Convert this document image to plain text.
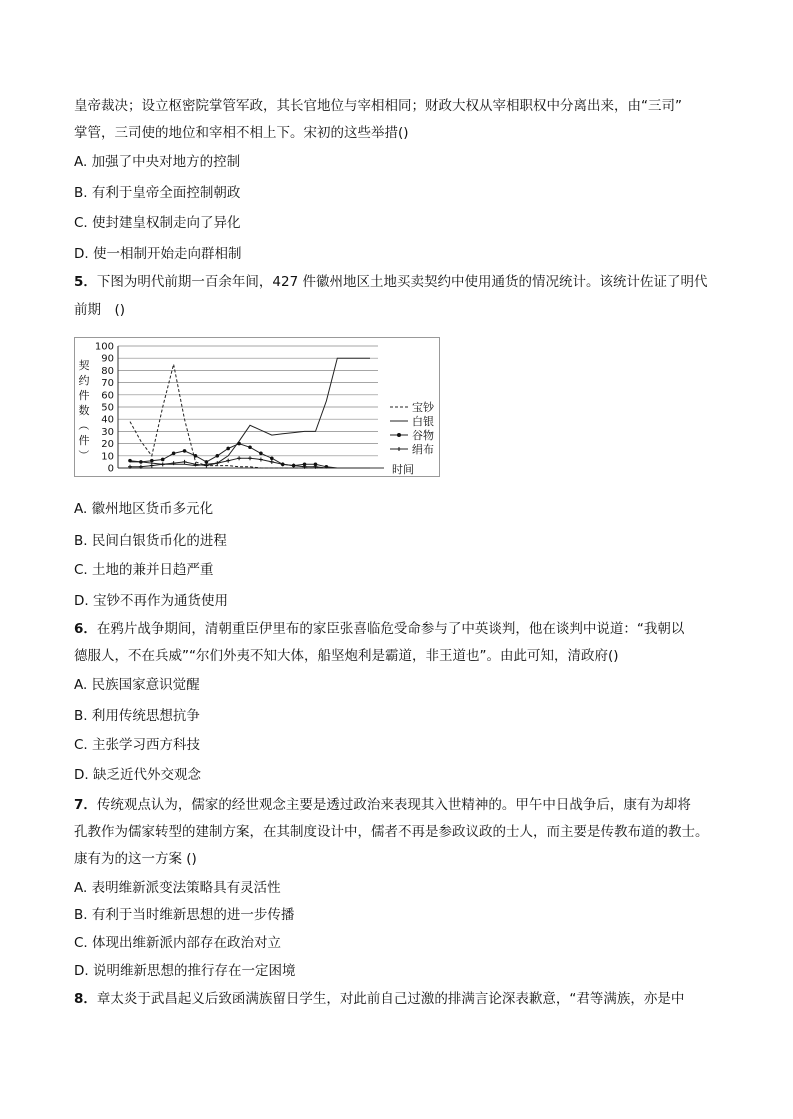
皇帝裁决；设立枢密院掌管军政，其长官地位与宰相相同；财政大权从宰相职权中分离出来，由“三司”
掌管，三司使的地位和宰相不相上下。宋初的这些举措()
A. 加强了中央对地方的控制
B. 有利于皇帝全面控制朝政
C. 使封建皇权制走向了异化
D. 使一相制开始走向群相制
5．下图为明代前期一百余年间，427 件徽州地区土地买卖契约中使用通货的情况统计。该统计佐证了明代
前期　()
0
10
20
30
40
50
60
70
80
90
100
契
约
件
数
（
件
）
时间
宝钞
白银
谷物
绢布
A. 徽州地区货币多元化
B. 民间白银货币化的进程
C. 土地的兼并日趋严重
D. 宝钞不再作为通货使用
6．在鸦片战争期间，清朝重臣伊里布的家臣张喜临危受命参与了中英谈判，他在谈判中说道：“我朝以
德服人，不在兵威”“尔们外夷不知大体，船坚炮利是霸道，非王道也”。由此可知，清政府()
A. 民族国家意识觉醒
B. 利用传统思想抗争
C. 主张学习西方科技
D. 缺乏近代外交观念
7．传统观点认为，儒家的经世观念主要是透过政治来表现其入世精神的。甲午中日战争后，康有为却将
孔教作为儒家转型的建制方案，在其制度设计中，儒者不再是参政议政的士人，而主要是传教布道的教士。
康有为的这一方案 ()
A. 表明维新派变法策略具有灵活性
B. 有利于当时维新思想的进一步传播
C. 体现出维新派内部存在政治对立
D. 说明维新思想的推行存在一定困境
8．章太炎于武昌起义后致函满族留日学生，对此前自己过激的排满言论深表歉意，“君等满族，亦是中
